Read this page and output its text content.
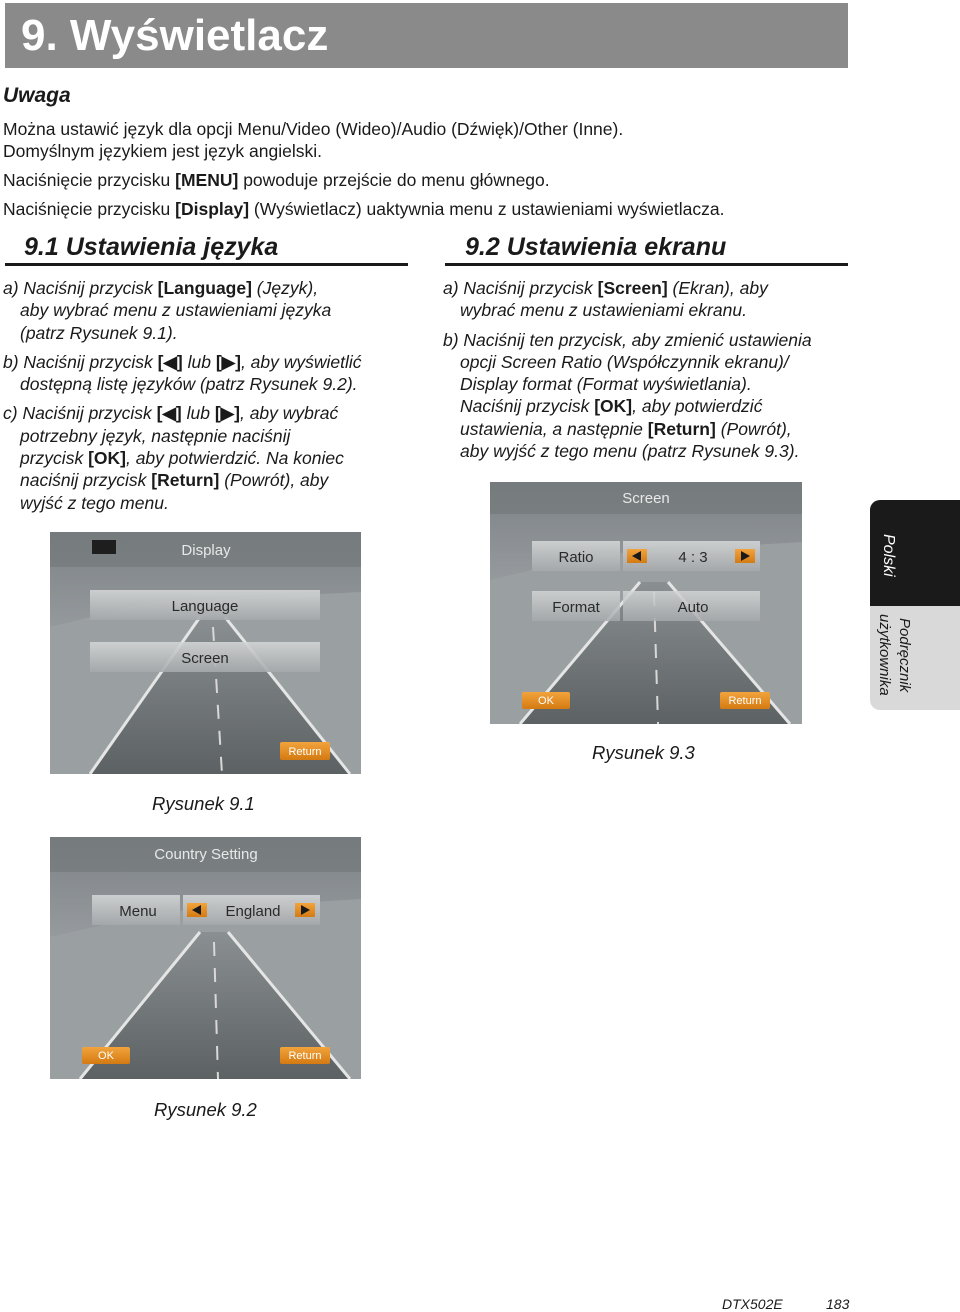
9. Wyświetlacz
Uwaga
Można ustawić język dla opcji Menu/Video (Wideo)/Audio (Dźwięk)/Other (Inne).
Domyślnym językiem jest język angielski.
Naciśnięcie przycisku [MENU] powoduje przejście do menu głównego.
Naciśnięcie przycisku [Display] (Wyświetlacz) uaktywnia menu z ustawieniami wyświetlacza.
9.1 Ustawienia języka	9.2 Ustawienia ekranu

a) Naciśnij przycisk [Language] (Język),

aby wybrać menu z ustawieniami języka

(patrz Rysunek 9.1).

b) Naciśnij przycisk [◀] lub [▶], aby wyświetlić

dostępną listę języków (patrz Rysunek 9.2).

c) Naciśnij przycisk [◀] lub [▶], aby wybrać

potrzebny język, następnie naciśnij

przycisk [OK], aby potwierdzić. Na koniec

naciśnij przycisk [Return] (Powrót), aby

wyjść z tego menu.

a) Naciśnij przycisk [Screen] (Ekran), aby

wybrać menu z ustawieniami ekranu.

b) Naciśnij ten przycisk, aby zmienić ustawienia

opcji Screen Ratio (Współczynnik ekranu)/

Display format (Format wyświetlania).

Naciśnij przycisk [OK], aby potwierdzić

ustawienia, a następnie [Return] (Powrót),

aby wyjść z tego menu (patrz Rysunek 9.3).

Display
Language
Screen
Return
Rysunek 9.1
Country Setting
Menu	England
OK	Return
Rysunek 9.2
Screen
Ratio	4 : 3
Format	Auto
OK	Return
Rysunek 9.3
Polski
Podręcznik
użytkownika
DTX502E	183
